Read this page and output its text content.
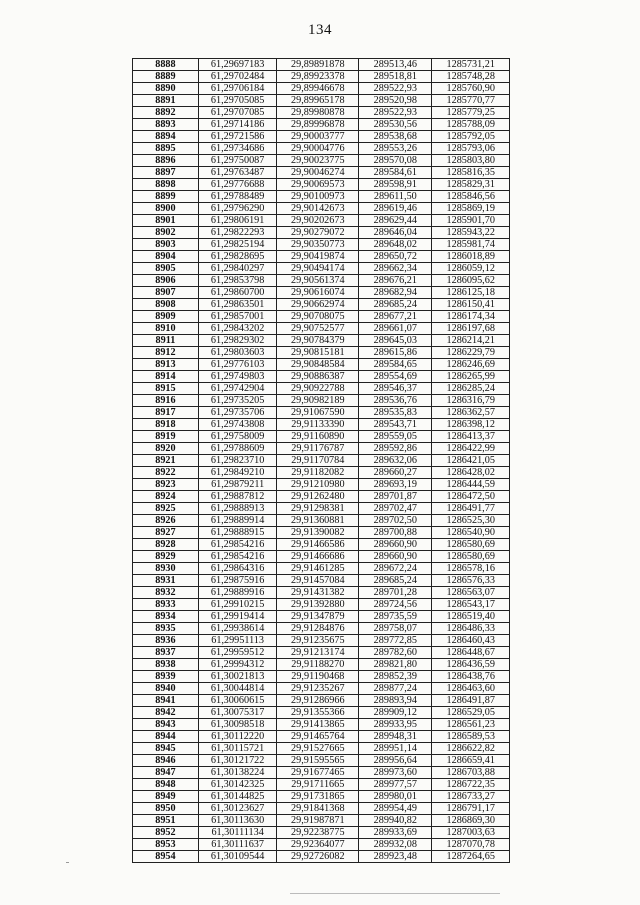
134
8888	61,29697183	29,89891878	289513,46	1285731,21
8889	61,29702484	29,89923378	289518,81	1285748,28
8890	61,29706184	29,89946678	289522,93	1285760,90
8891	61,29705085	29,89965178	289520,98	1285770,77
8892	61,29707085	29,89980878	289522,93	1285779,25
8893	61,29714186	29,89996878	289530,56	1285788,09
8894	61,29721586	29,90003777	289538,68	1285792,05
8895	61,29734686	29,90004776	289553,26	1285793,06
8896	61,29750087	29,90023775	289570,08	1285803,80
8897	61,29763487	29,90046274	289584,61	1285816,35
8898	61,29776688	29,90069573	289598,91	1285829,31
8899	61,29788489	29,90100973	289611,50	1285846,56
8900	61,29796290	29,90142673	289619,46	1285869,19
8901	61,29806191	29,90202673	289629,44	1285901,70
8902	61,29822293	29,90279072	289646,04	1285943,22
8903	61,29825194	29,90350773	289648,02	1285981,74
8904	61,29828695	29,90419874	289650,72	1286018,89
8905	61,29840297	29,90494174	289662,34	1286059,12
8906	61,29853798	29,90561374	289676,21	1286095,62
8907	61,29860700	29,90616074	289682,94	1286125,18
8908	61,29863501	29,90662974	289685,24	1286150,41
8909	61,29857001	29,90708075	289677,21	1286174,34
8910	61,29843202	29,90752577	289661,07	1286197,68
8911	61,29829302	29,90784379	289645,03	1286214,21
8912	61,29803603	29,90815181	289615,86	1286229,79
8913	61,29776103	29,90848584	289584,65	1286246,69
8914	61,29749803	29,90886387	289554,69	1286265,99
8915	61,29742904	29,90922788	289546,37	1286285,24
8916	61,29735205	29,90982189	289536,76	1286316,79
8917	61,29735706	29,91067590	289535,83	1286362,57
8918	61,29743808	29,91133390	289543,71	1286398,12
8919	61,29758009	29,91160890	289559,05	1286413,37
8920	61,29788609	29,91176787	289592,86	1286422,99
8921	61,29823710	29,91170784	289632,06	1286421,05
8922	61,29849210	29,91182082	289660,27	1286428,02
8923	61,29879211	29,91210980	289693,19	1286444,59
8924	61,29887812	29,91262480	289701,87	1286472,50
8925	61,29888913	29,91298381	289702,47	1286491,77
8926	61,29889914	29,91360881	289702,50	1286525,30
8927	61,29888915	29,91390082	289700,88	1286540,90
8928	61,29854216	29,91466586	289660,90	1286580,69
8929	61,29854216	29,91466686	289660,90	1286580,69
8930	61,29864316	29,91461285	289672,24	1286578,16
8931	61,29875916	29,91457084	289685,24	1286576,33
8932	61,29889916	29,91431382	289701,28	1286563,07
8933	61,29910215	29,91392880	289724,56	1286543,17
8934	61,29919414	29,91347879	289735,59	1286519,40
8935	61,29938614	29,91284876	289758,07	1286486,33
8936	61,29951113	29,91235675	289772,85	1286460,43
8937	61,29959512	29,91213174	289782,60	1286448,67
8938	61,29994312	29,91188270	289821,80	1286436,59
8939	61,30021813	29,91190468	289852,39	1286438,76
8940	61,30044814	29,91235267	289877,24	1286463,60
8941	61,30060615	29,91286966	289893,94	1286491,87
8942	61,30075317	29,91355366	289909,12	1286529,05
8943	61,30098518	29,91413865	289933,95	1286561,23
8944	61,30112220	29,91465764	289948,31	1286589,53
8945	61,30115721	29,91527665	289951,14	1286622,82
8946	61,30121722	29,91595565	289956,64	1286659,41
8947	61,30138224	29,91677465	289973,60	1286703,88
8948	61,30142325	29,91711665	289977,57	1286722,35
8949	61,30144825	29,91731865	289980,01	1286733,27
8950	61,30123627	29,91841368	289954,49	1286791,17
8951	61,30113630	29,91987871	289940,82	1286869,30
8952	61,30111134	29,92238775	289933,69	1287003,63
8953	61,30111637	29,92364077	289932,08	1287070,78
8954	61,30109544	29,92726082	289923,48	1287264,65
